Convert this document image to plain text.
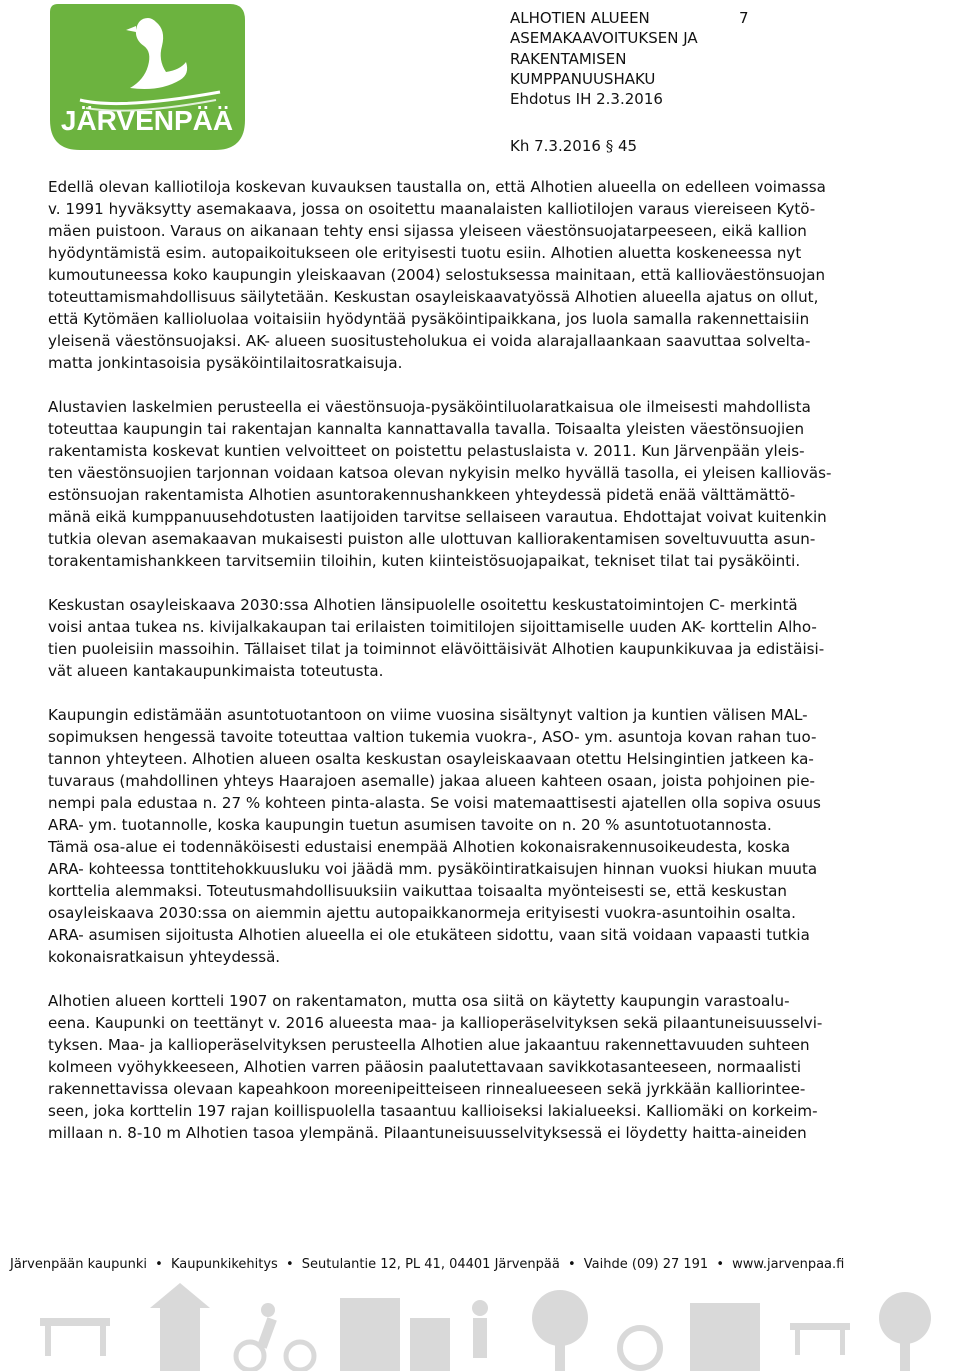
JÄRVENPÄÄ
ALHOTIEN ALUEEN
ASEMAKAAVOITUKSEN JA
RAKENTAMISEN
KUMPPANUUSHAKU
Ehdotus IH 2.3.2016
7
Kh 7.3.2016 § 45

Edellä olevan kalliotiloja koskevan kuvauksen taustalla on, että Alhotien alueella on edelleen voimassa
v. 1991 hyväksytty asemakaava, jossa on osoitettu maanalaisten kalliotilojen varaus viereiseen Kytö-
mäen puistoon. Varaus on aikanaan tehty ensi sijassa yleiseen väestönsuojatarpeeseen, eikä kallion
hyödyntämistä esim. autopaikoitukseen ole erityisesti tuotu esiin. Alhotien aluetta koskeneessa nyt
kumoutuneessa koko kaupungin yleiskaavan (2004) selostuksessa mainitaan, että kallioväestönsuojan
toteuttamismahdollisuus säilytetään. Keskustan osayleiskaavatyössä Alhotien alueella ajatus on ollut,
että Kytömäen kallioluolaa voitaisiin hyödyntää pysäköintipaikkana, jos luola samalla rakennettaisiin
yleisenä väestönsuojaksi. AK- alueen suositusteholukua ei voida alarajallaankaan saavuttaa solveltа-
matta jonkintasoisia pysäköintilaitosratkaisuja.

Alustavien laskelmien perusteella ei väestönsuoja-pysäköintiluolaratkaisua ole ilmeisesti mahdollista
toteuttaa kaupungin tai rakentajan kannalta kannattavalla tavalla. Toisaalta yleisten väestönsuojien
rakentamista koskevat kuntien velvoitteet on poistettu pelastuslaista v. 2011. Kun Järvenpään yleis-
ten väestönsuojien tarjonnan voidaan katsoa olevan nykyisin melko hyvällä tasolla, ei yleisen kallioväs-
estönsuojan rakentamista Alhotien asuntorakennushankkeen yhteydessä pidetä enää välttämättö-
mänä eikä kumppanuusehdotusten laatijoiden tarvitse sellaiseen varautua. Ehdottajat voivat kuitenkin
tutkia olevan asemakaavan mukaisesti puiston alle ulottuvan kalliorakentamisen soveltuvuutta asun-
torakentamishankkeen tarvitsemiin tiloihin, kuten kiinteistösuojapaikat, tekniset tilat tai pysäköinti.

Keskustan osayleiskaava 2030:ssa Alhotien länsipuolelle osoitettu keskustatoimintojen C- merkintä
voisi antaa tukea ns. kivijalkakaupan tai erilaisten toimitilojen sijoittamiselle uuden AK- korttelin Alho-
tien puoleisiin massoihin. Tällaiset tilat ja toiminnot elävöittäisivät Alhotien kaupunkikuvaa ja edistäisi-
vät alueen kantakaupunkimaista toteutusta.

Kaupungin edistämään asuntotuotantoon on viime vuosina sisältynyt valtion ja kuntien välisen MAL-
sopimuksen hengessä tavoite toteuttaa valtion tukemia vuokra-, ASO- ym. asuntoja kovan rahan tuo-
tannon yhteyteen. Alhotien alueen osalta keskustan osayleiskaavaan otettu Helsingintien jatkeen ka-
tuvaraus (mahdollinen yhteys Haarajoen asemalle) jakaa alueen kahteen osaan, joista pohjoinen pie-
nempi pala edustaa n. 27 % kohteen pinta-alasta. Se voisi matemaattisesti ajatellen olla sopiva osuus
ARA- ym. tuotannolle, koska kaupungin tuetun asumisen tavoite on n. 20 % asuntotuotannosta.
Tämä osa-alue ei todennäköisesti edustaisi enempää Alhotien kokonaisrakennusoikeudesta, koska
ARA- kohteessa tonttitehokkuusluku voi jäädä mm. pysäköintiratkaisujen hinnan vuoksi hiukan muuta
korttelia alemmaksi. Toteutusmahdollisuuksiin vaikuttaa toisaalta myönteisesti se, että keskustan
osayleiskaava 2030:ssa on aiemmin ajettu autopaikkanormeja erityisesti vuokra-asuntoihin osalta.
ARA- asumisen sijoitusta Alhotien alueella ei ole etukäteen sidottu, vaan sitä voidaan vapaasti tutkia
kokonaisratkaisun yhteydessä.

Alhotien alueen kortteli 1907 on rakentamaton, mutta osa siitä on käytetty kaupungin varastoalu-
eena. Kaupunki on teettänyt v. 2016 alueesta maa- ja kallioperäselvityksen sekä pilaantuneisuusselvi-
tyksen. Maa- ja kallioperäselvityksen perusteella Alhotien alue jakaantuu rakennettavuuden suhteen
kolmeen vyöhykkeeseen, Alhotien varren pääosin paalutettavaan savikkotasanteeseen, normaalisti
rakennettavissa olevaan kapeahkoon moreenipeitteiseen rinnealueeseen sekä jyrkkään kalliorintee-
seen, joka korttelin 197 rajan koillispuolella tasaantuu kallioiseksi lakialueeksi. Kalliomäki on korkeim-
millaan n. 8-10 m Alhotien tasoa ylempänä. Pilaantuneisuusselvityksessä ei löydetty haitta-aineiden

Järvenpään kaupunki • Kaupunkikehitys • Seutulantie 12, PL 41, 04401 Järvenpää • Vaihde (09) 27 191 • www.jarvenpaa.fi
